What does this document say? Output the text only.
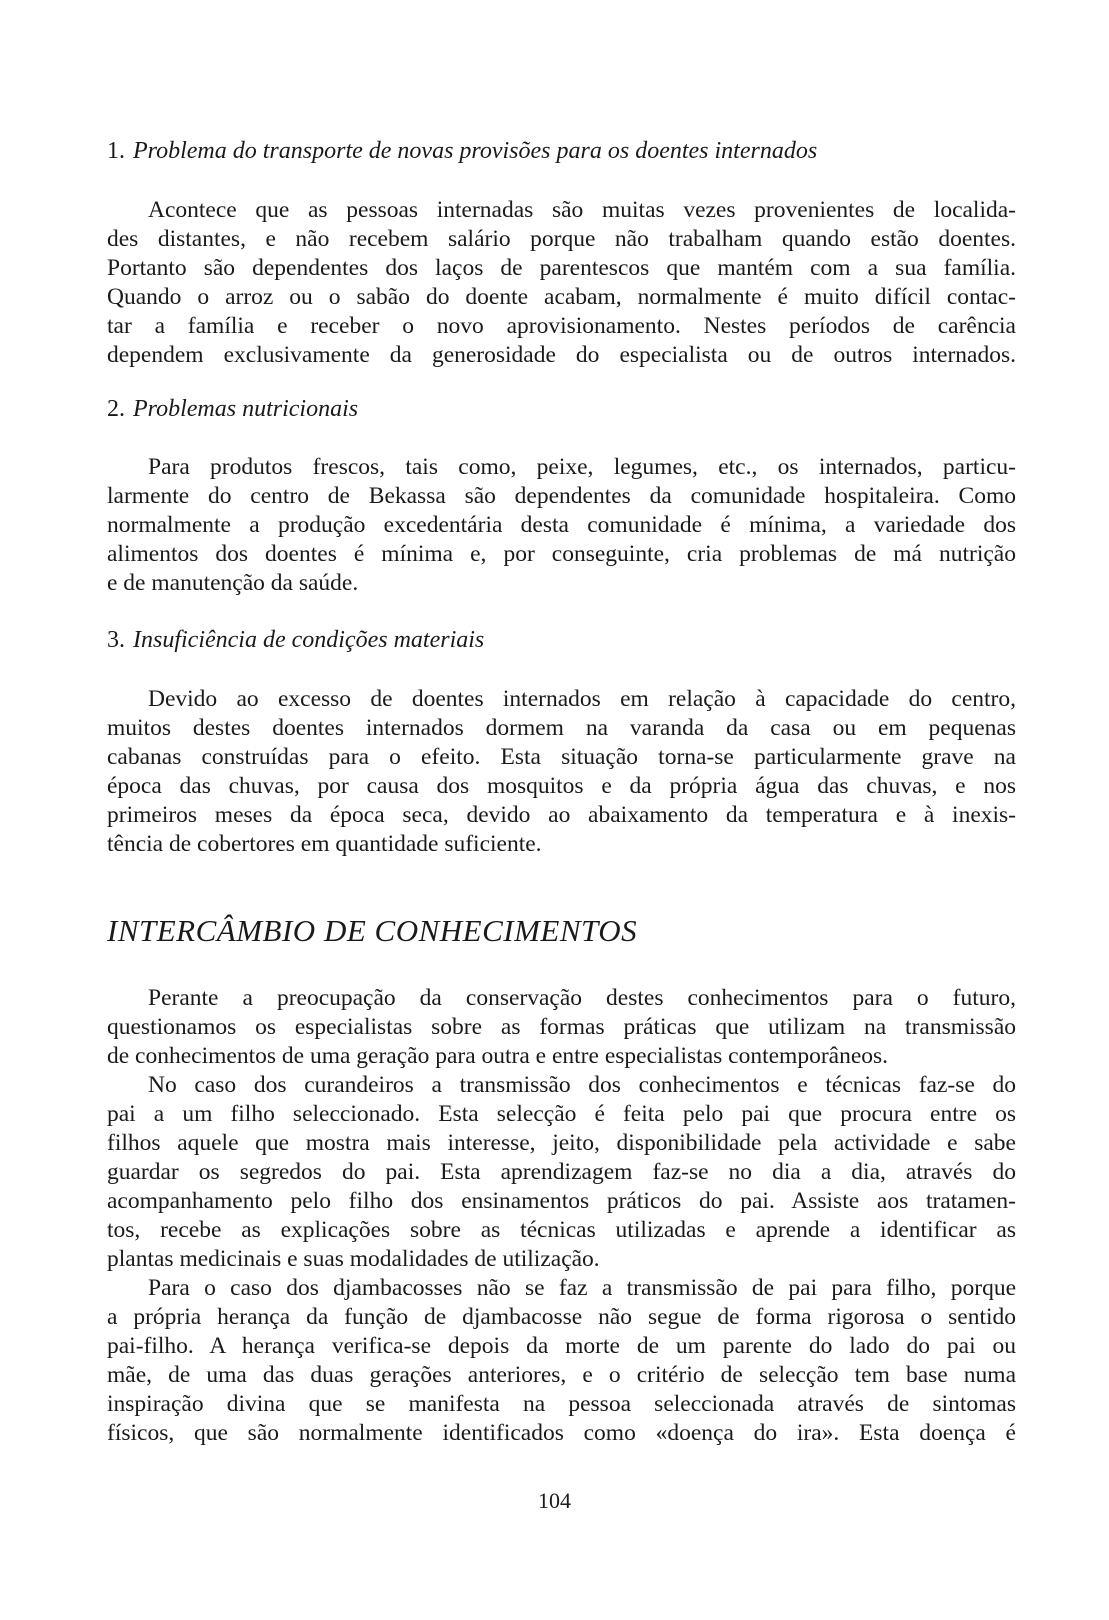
1. Problema do transporte de novas provisões para os doentes internados
Acontece que as pessoas internadas são muitas vezes provenientes de localida-
des distantes, e não recebem salário porque não trabalham quando estão doentes.
Portanto são dependentes dos laços de parentescos que mantém com a sua família.
Quando o arroz ou o sabão do doente acabam, normalmente é muito difícil contac-
tar a família e receber o novo aprovisionamento. Nestes períodos de carência
dependem exclusivamente da generosidade do especialista ou de outros internados.
2. Problemas nutricionais
Para produtos frescos, tais como, peixe, legumes, etc., os internados, particu-
larmente do centro de Bekassa são dependentes da comunidade hospitaleira. Como
normalmente a produção excedentária desta comunidade é mínima, a variedade dos
alimentos dos doentes é mínima e, por conseguinte, cria problemas de má nutrição
e de manutenção da saúde.
3. Insuficiência de condições materiais
Devido ao excesso de doentes internados em relação à capacidade do centro,
muitos destes doentes internados dormem na varanda da casa ou em pequenas
cabanas construídas para o efeito. Esta situação torna-se particularmente grave na
época das chuvas, por causa dos mosquitos e da própria água das chuvas, e nos
primeiros meses da época seca, devido ao abaixamento da temperatura e à inexis-
tência de cobertores em quantidade suficiente.
INTERCÂMBIO DE CONHECIMENTOS
Perante a preocupação da conservação destes conhecimentos para o futuro,
questionamos os especialistas sobre as formas práticas que utilizam na transmissão
de conhecimentos de uma geração para outra e entre especialistas contemporâneos.
No caso dos curandeiros a transmissão dos conhecimentos e técnicas faz-se do
pai a um filho seleccionado. Esta selecção é feita pelo pai que procura entre os
filhos aquele que mostra mais interesse, jeito, disponibilidade pela actividade e sabe
guardar os segredos do pai. Esta aprendizagem faz-se no dia a dia, através do
acompanhamento pelo filho dos ensinamentos práticos do pai. Assiste aos tratamen-
tos, recebe as explicações sobre as técnicas utilizadas e aprende a identificar as
plantas medicinais e suas modalidades de utilização.
Para o caso dos djambacosses não se faz a transmissão de pai para filho, porque
a própria herança da função de djambacosse não segue de forma rigorosa o sentido
pai-filho. A herança verifica-se depois da morte de um parente do lado do pai ou
mãe, de uma das duas gerações anteriores, e o critério de selecção tem base numa
inspiração divina que se manifesta na pessoa seleccionada através de sintomas
físicos, que são normalmente identificados como «doença do ira». Esta doença é
104
